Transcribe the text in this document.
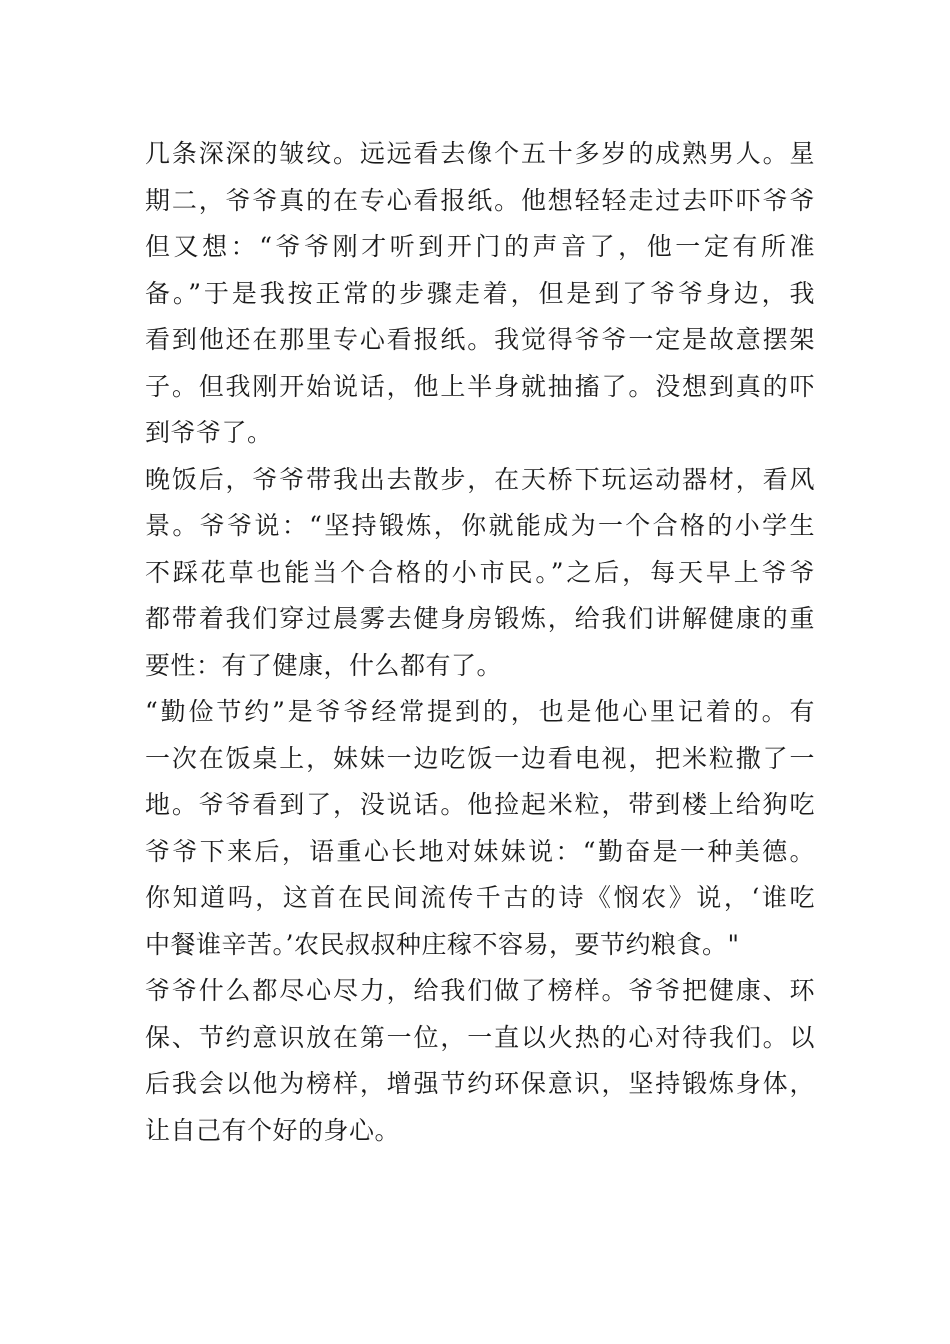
几条深深的皱纹。远远看去像个五十多岁的成熟男人。星
期二，爷爷真的在专心看报纸。他想轻轻走过去吓吓爷爷
但又想：“爷爷刚才听到开门的声音了，他一定有所准
备。”于是我按正常的步骤走着，但是到了爷爷身边，我
看到他还在那里专心看报纸。我觉得爷爷一定是故意摆架
子。但我刚开始说话，他上半身就抽搐了。没想到真的吓
到爷爷了。
晚饭后，爷爷带我出去散步，在天桥下玩运动器材，看风
景。爷爷说：“坚持锻炼，你就能成为一个合格的小学生
不踩花草也能当个合格的小市民。”之后，每天早上爷爷
都带着我们穿过晨雾去健身房锻炼，给我们讲解健康的重
要性：有了健康，什么都有了。
“勤俭节约”是爷爷经常提到的，也是他心里记着的。有
一次在饭桌上，妹妹一边吃饭一边看电视，把米粒撒了一
地。爷爷看到了，没说话。他捡起米粒，带到楼上给狗吃
爷爷下来后，语重心长地对妹妹说：“勤奋是一种美德。
你知道吗，这首在民间流传千古的诗《悯农》说，‘谁吃
中餐谁辛苦。’农民叔叔种庄稼不容易，要节约粮食。"
爷爷什么都尽心尽力，给我们做了榜样。爷爷把健康、环
保、节约意识放在第一位，一直以火热的心对待我们。以
后我会以他为榜样，增强节约环保意识，坚持锻炼身体，
让自己有个好的身心。
